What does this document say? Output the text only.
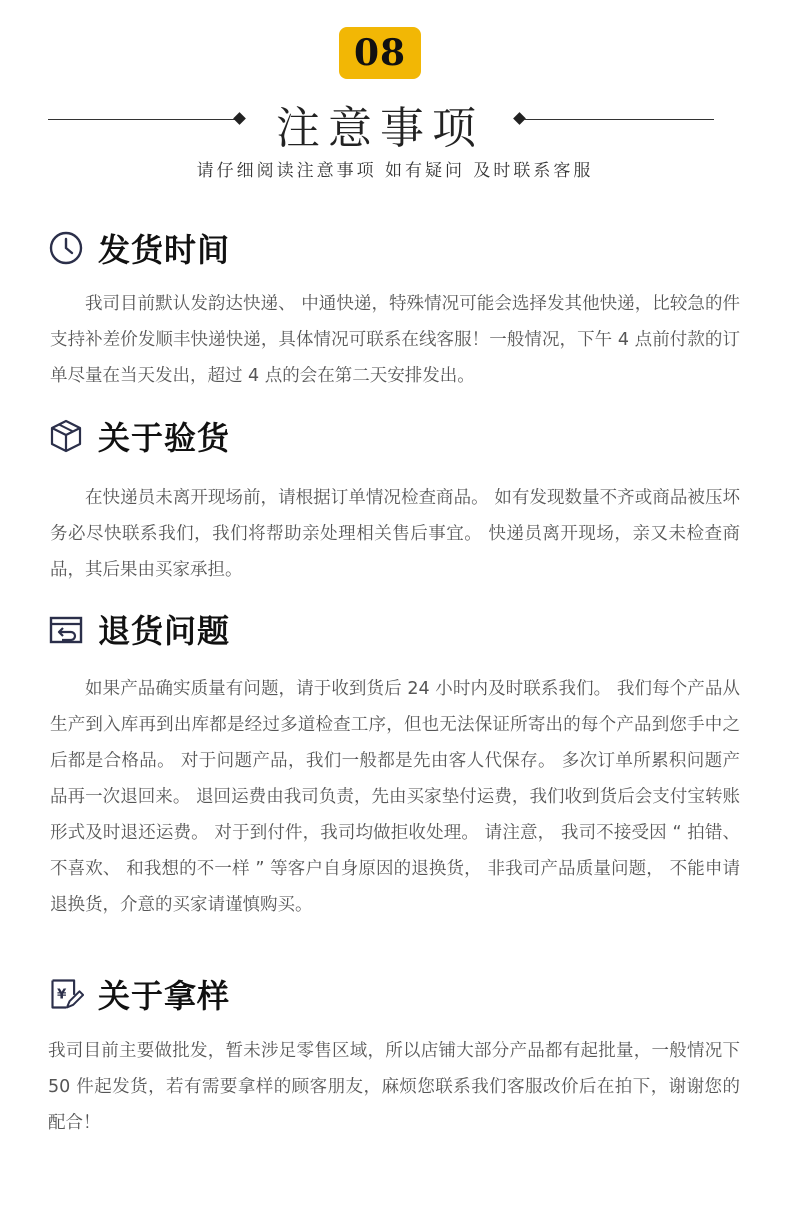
08
注意事项
请仔细阅读注意事项 如有疑问 及时联系客服
发货时间
我司目前默认发韵达快递、 中通快递，特殊情况可能会选择发其他快递，比较急的件支持补差价发顺丰快递快递，具体情况可联系在线客服！一般情况，下午 4 点前付款的订单尽量在当天发出，超过 4 点的会在第二天安排发出。
关于验货
在快递员未离开现场前，请根据订单情况检查商品。 如有发现数量不齐或商品被压坏务必尽快联系我们，我们将帮助亲处理相关售后事宜。 快递员离开现场，亲又未检查商品，其后果由买家承担。
退货问题
如果产品确实质量有问题，请于收到货后 24 小时内及时联系我们。 我们每个产品从生产到入库再到出库都是经过多道检查工序，但也无法保证所寄出的每个产品到您手中之后都是合格品。 对于问题产品，我们一般都是先由客人代保存。 多次订单所累积问题产品再一次退回来。 退回运费由我司负责，先由买家垫付运费，我们收到货后会支付宝转账形式及时退还运费。 对于到付件，我司均做拒收处理。 请注意， 我司不接受因 “ 拍错、 不喜欢、 和我想的不一样 ” 等客户自身原因的退换货， 非我司产品质量问题， 不能申请退换货，介意的买家请谨慎购买。
¥ 关于拿样
我司目前主要做批发，暂未涉足零售区域，所以店铺大部分产品都有起批量，一般情况下 50 件起发货，若有需要拿样的顾客朋友，麻烦您联系我们客服改价后在拍下，谢谢您的配合！
